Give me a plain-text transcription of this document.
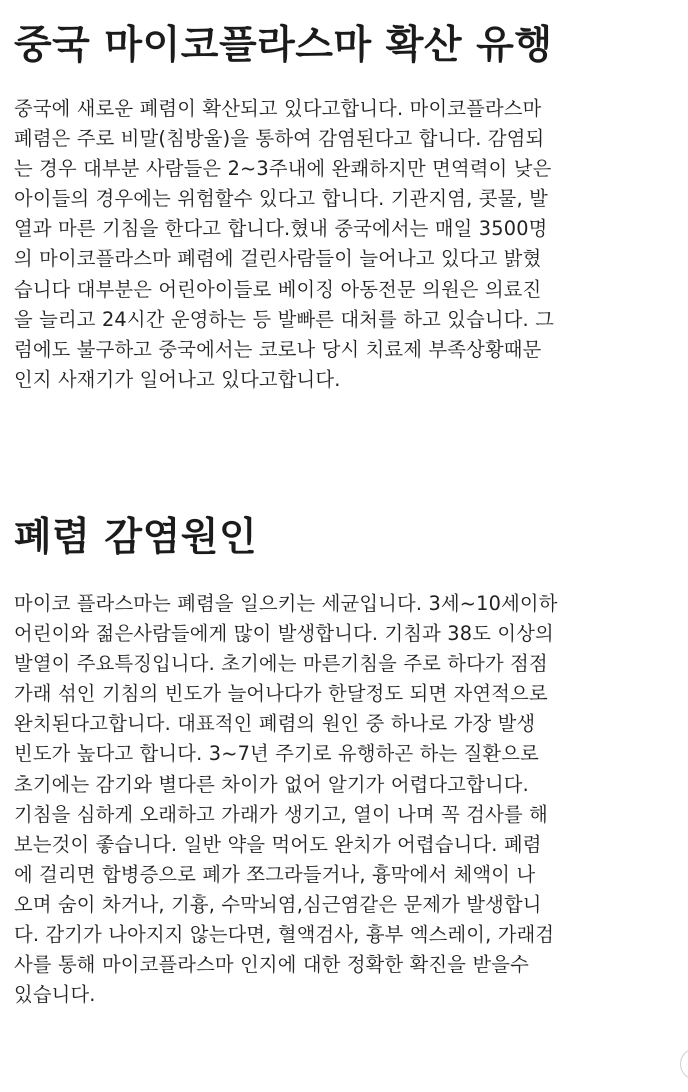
중국 마이코플라스마 확산 유행
중국에 새로운 폐렴이 확산되고 있다고합니다. 마이코플라스마
폐렴은 주로 비말(침방울)을 통하여 감염된다고 합니다. 감염되
는 경우 대부분 사람들은 2~3주내에 완쾌하지만 면역력이 낮은
아이들의 경우에는 위험할수 있다고 합니다. 기관지염, 콧물, 발
열과 마른 기침을 한다고 합니다.혔내 중국에서는 매일 3500명
의 마이코플라스마 폐렴에 걸린사람들이 늘어나고 있다고 밝혔
습니다 대부분은 어린아이들로 베이징 아동전문 의원은 의료진
을 늘리고 24시간 운영하는 등 발빠른 대처를 하고 있습니다. 그
럼에도 불구하고 중국에서는 코로나 당시 치료제 부족상황때문
인지 사재기가 일어나고 있다고합니다.
폐렴 감염원인
마이코 플라스마는 폐렴을 일으키는 세균입니다. 3세~10세이하
어린이와 젊은사람들에게 많이 발생합니다. 기침과 38도 이상의
발열이 주요특징입니다. 초기에는 마른기침을 주로 하다가 점점
가래 섞인 기침의 빈도가 늘어나다가 한달정도 되면 자연적으로
완치된다고합니다. 대표적인 폐렴의 원인 중 하나로 가장 발생
빈도가 높다고 합니다. 3~7년 주기로 유행하곤 하는 질환으로
초기에는 감기와 별다른 차이가 없어 알기가 어렵다고합니다.
기침을 심하게 오래하고 가래가 생기고, 열이 나며 꼭 검사를 해
보는것이 좋습니다. 일반 약을 먹어도 완치가 어렵습니다. 폐렴
에 걸리면 합병증으로 폐가 쪼그라들거나, 흉막에서 체액이 나
오며 숨이 차거나, 기흉, 수막뇌염,심근염같은 문제가 발생합니
다. 감기가 나아지지 않는다면, 혈액검사, 흉부 엑스레이, 가래검
사를 통해 마이코플라스마 인지에 대한 정확한 확진을 받을수
있습니다.
